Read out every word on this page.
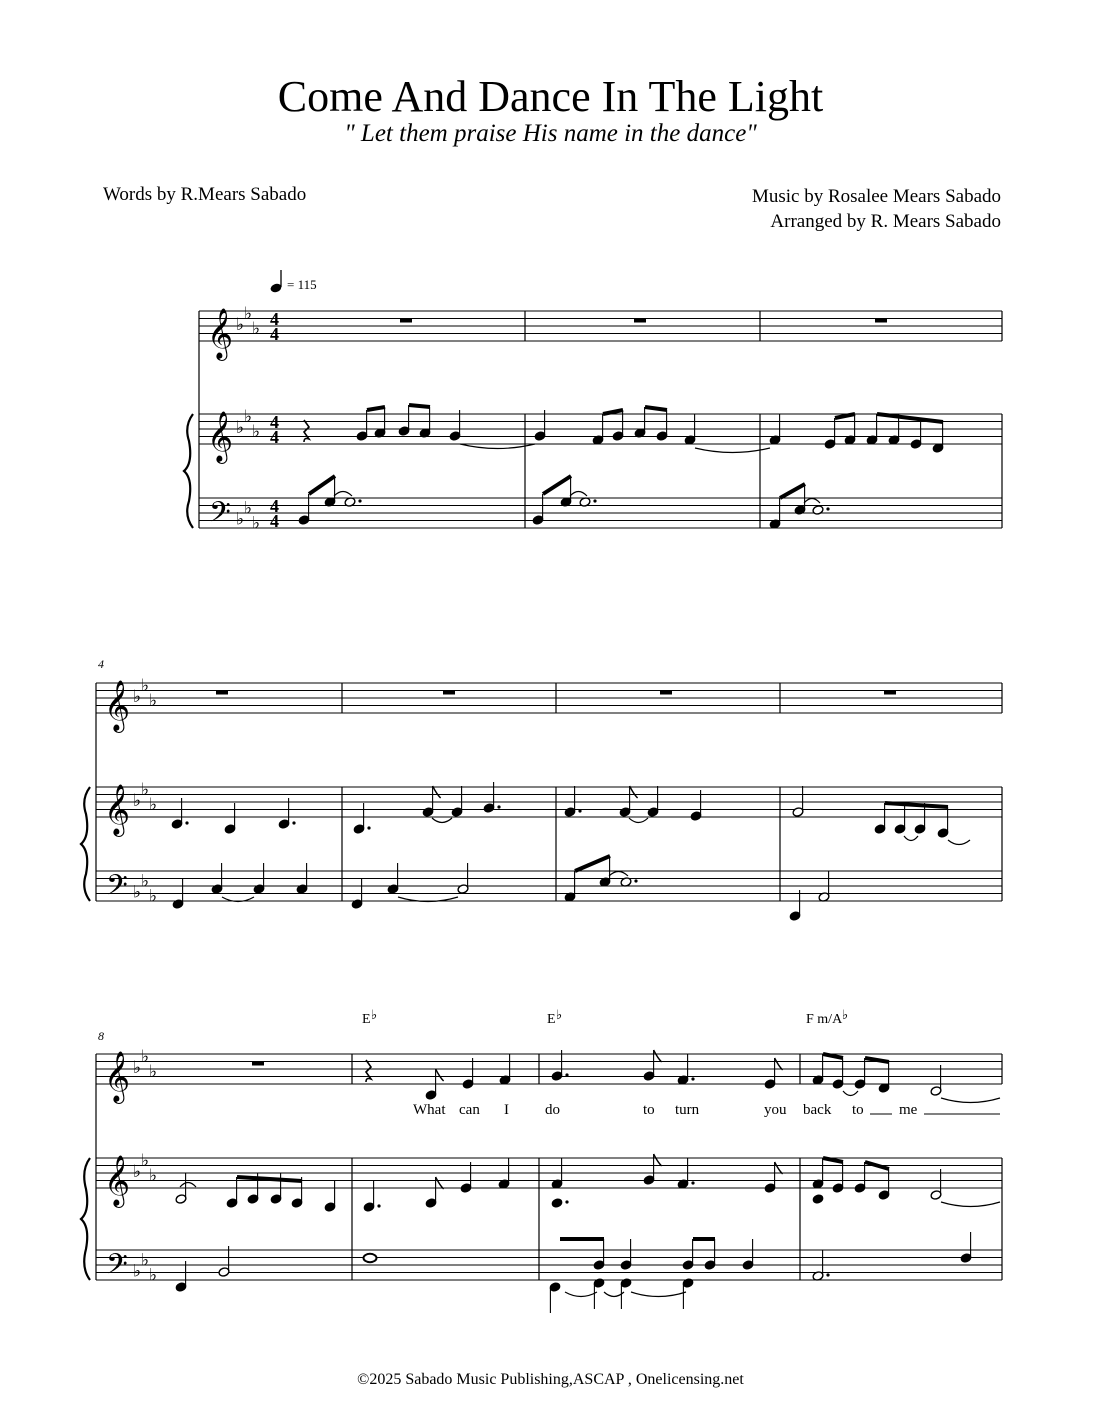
Come And Dance In The Light
" Let them praise His name in the dance"
Words by R.Mears Sabado	Music by Rosalee Mears Sabado
Arranged by R. Mears Sabado
= 115
4
8
E ♭	E ♭	F m/A ♭
What can I do	to turn	you back to me
𝄞
𝄞
𝄢
♭
♭
♭
♭
♭
♭
♭
♭
♭
4
4
4
4
4
4
𝄞
𝄞
𝄢
♭
♭
♭
♭
♭
♭
♭
♭
♭
𝄞
𝄞
𝄢
♭
♭
♭
♭
♭
♭
♭
♭
♭
©2025 Sabado Music Publishing,ASCAP , Onelicensing.net
